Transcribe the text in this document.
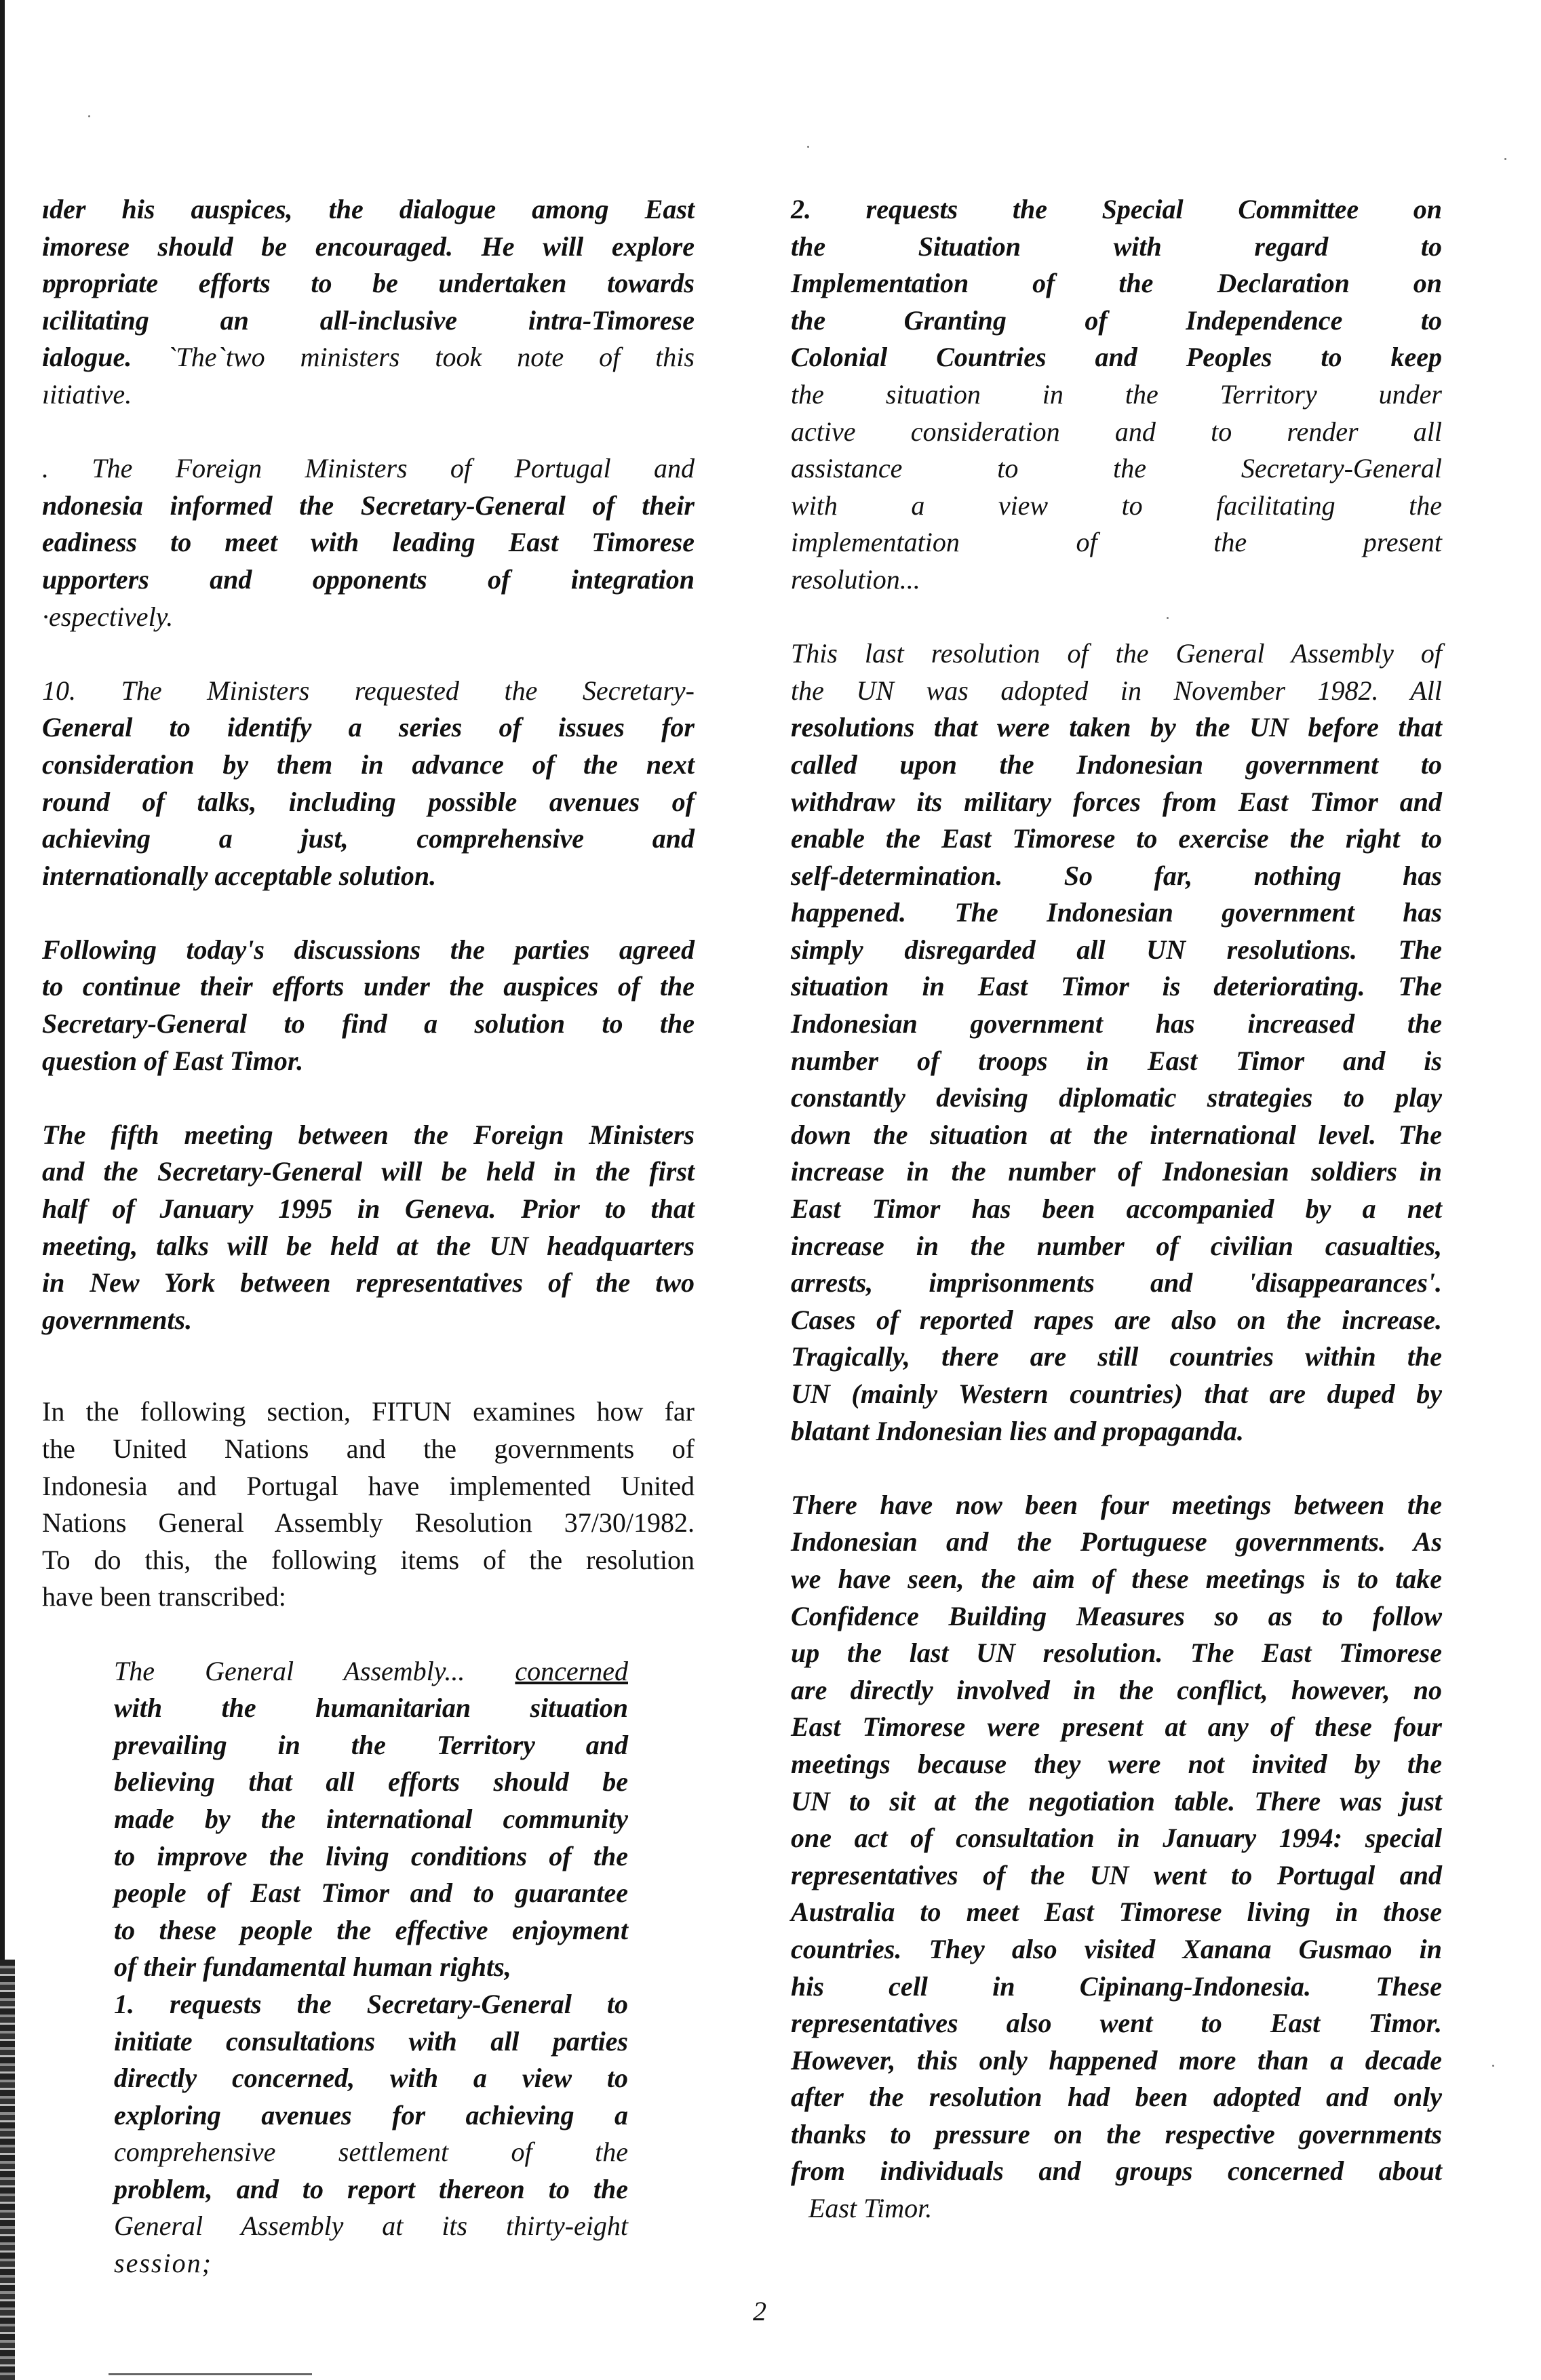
ıder his auspices, the dialogue among East
imorese should be encouraged. He will explore
ɒpropriate efforts to be undertaken towards
ıcilitating an all-inclusive intra-Timorese
ialogue. `The`two ministers took note of this
ıitiative.
. The Foreign Ministers of Portugal and
ndonesia informed the Secretary-General of their
eadiness to meet with leading East Timorese
upporters and opponents of integration
·espectively.
10. The Ministers requested the Secretary-
General to identify a series of issues for
consideration by them in advance of the next
round of talks, including possible avenues of
achieving a just, comprehensive and
internationally acceptable solution.
Following today's discussions the parties agreed
to continue their efforts under the auspices of the
Secretary-General to find a solution to the
question of East Timor.
The fifth meeting between the Foreign Ministers
and the Secretary-General will be held in the first
half of January 1995 in Geneva. Prior to that
meeting, talks will be held at the UN headquarters
in New York between representatives of the two
governments.
In the following section, FITUN examines how far
the United Nations and the governments of
Indonesia and Portugal have implemented United
Nations General Assembly Resolution 37/30/1982.
To do this, the following items of the resolution
have been transcribed:
The General Assembly... concerned
with the humanitarian situation
prevailing in the Territory and
believing that all efforts should be
made by the international community
to improve the living conditions of the
people of East Timor and to guarantee
to these people the effective enjoyment
of their fundamental human rights,
1. requests the Secretary-General to
initiate consultations with all parties
directly concerned, with a view to
exploring avenues for achieving a
comprehensive settlement of the
problem, and to report thereon to the
General Assembly at its thirty-eight
session;
2. requests the Special Committee on
the Situation with regard to
Implementation of the Declaration on
the Granting of Independence to
Colonial Countries and Peoples to keep
the situation in the Territory under
active consideration and to render all
assistance to the Secretary-General
with a view to facilitating the
implementation of the present
resolution...
This last resolution of the General Assembly of
the UN was adopted in November 1982. All
resolutions that were taken by the UN before that
called upon the Indonesian government to
withdraw its military forces from East Timor and
enable the East Timorese to exercise the right to
self-determination. So far, nothing has
happened. The Indonesian government has
simply disregarded all UN resolutions. The
situation in East Timor is deteriorating. The
Indonesian government has increased the
number of troops in East Timor and is
constantly devising diplomatic strategies to play
down the situation at the international level. The
increase in the number of Indonesian soldiers in
East Timor has been accompanied by a net
increase in the number of civilian casualties,
arrests, imprisonments and 'disappearances'.
Cases of reported rapes are also on the increase.
Tragically, there are still countries within the
UN (mainly Western countries) that are duped by
blatant Indonesian lies and propaganda.
There have now been four meetings between the
Indonesian and the Portuguese governments. As
we have seen, the aim of these meetings is to take
Confidence Building Measures so as to follow
up the last UN resolution. The East Timorese
are directly involved in the conflict, however, no
East Timorese were present at any of these four
meetings because they were not invited by the
UN to sit at the negotiation table. There was just
one act of consultation in January 1994: special
representatives of the UN went to Portugal and
Australia to meet East Timorese living in those
countries. They also visited Xanana Gusmao in
his cell in Cipinang-Indonesia. These
representatives also went to East Timor.
However, this only happened more than a decade
after the resolution had been adopted and only
thanks to pressure on the respective governments
from individuals and groups concerned about
East Timor.
2
